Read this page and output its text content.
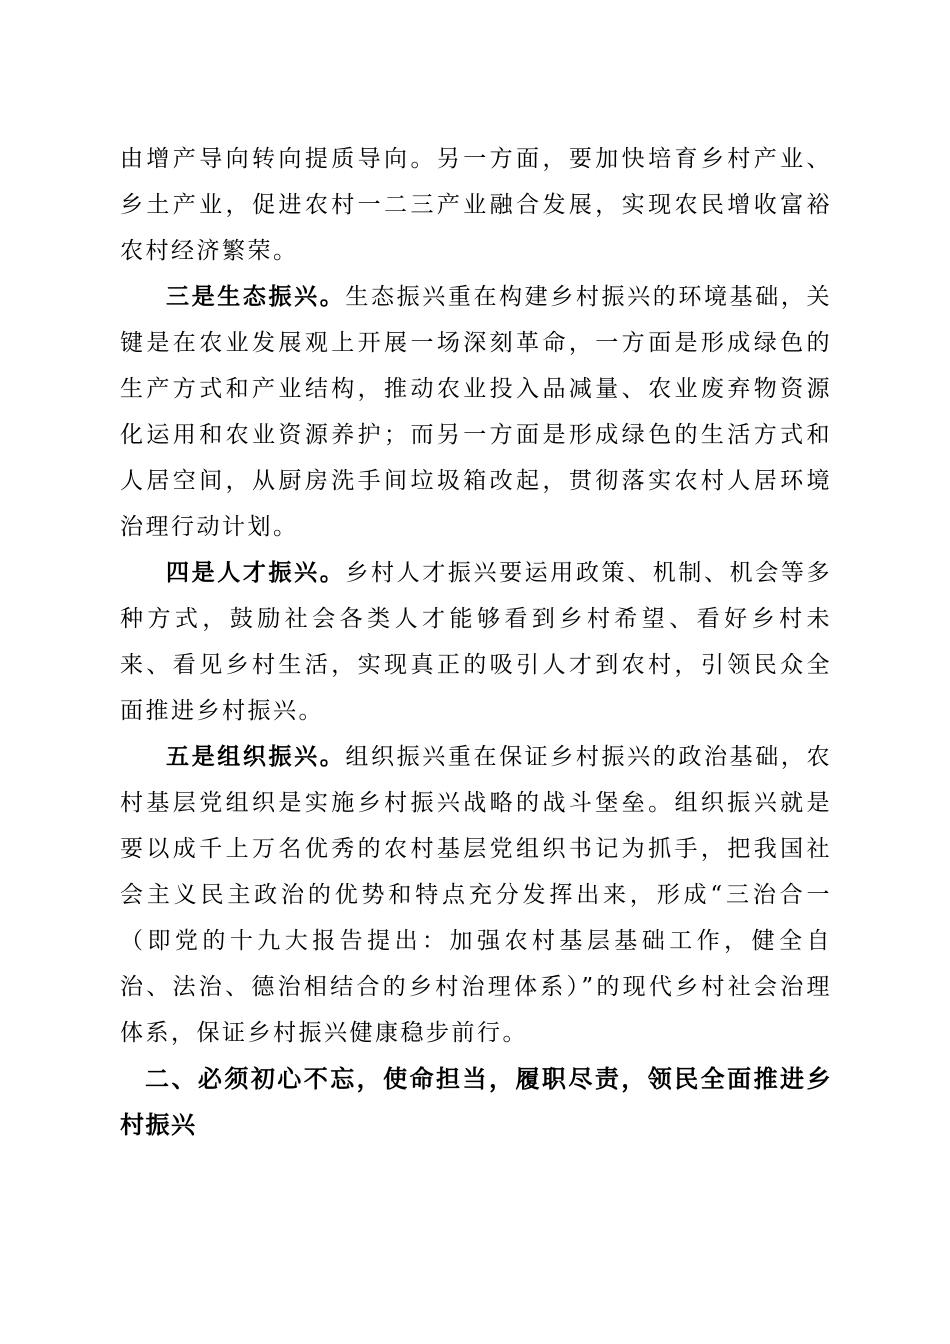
由增产导向转向提质导向。另一方面，要加快培育乡村产业、乡土产业，促进农村一二三产业融合发展，实现农民增收富裕农村经济繁荣。

三是生态振兴。生态振兴重在构建乡村振兴的环境基础，关键是在农业发展观上开展一场深刻革命，一方面是形成绿色的生产方式和产业结构，推动农业投入品减量、农业废弃物资源化运用和农业资源养护；而另一方面是形成绿色的生活方式和人居空间，从厨房洗手间垃圾箱改起，贯彻落实农村人居环境治理行动计划。

四是人才振兴。乡村人才振兴要运用政策、机制、机会等多种方式，鼓励社会各类人才能够看到乡村希望、看好乡村未来、看见乡村生活，实现真正的吸引人才到农村，引领民众全面推进乡村振兴。

五是组织振兴。组织振兴重在保证乡村振兴的政治基础，农村基层党组织是实施乡村振兴战略的战斗堡垒。组织振兴就是要以成千上万名优秀的农村基层党组织书记为抓手，把我国社会主义民主政治的优势和特点充分发挥出来，形成“三治合一（即党的十九大报告提出：加强农村基层基础工作，健全自治、法治、德治相结合的乡村治理体系）”的现代乡村社会治理体系，保证乡村振兴健康稳步前行。

二、必须初心不忘，使命担当，履职尽责，领民全面推进乡村振兴
